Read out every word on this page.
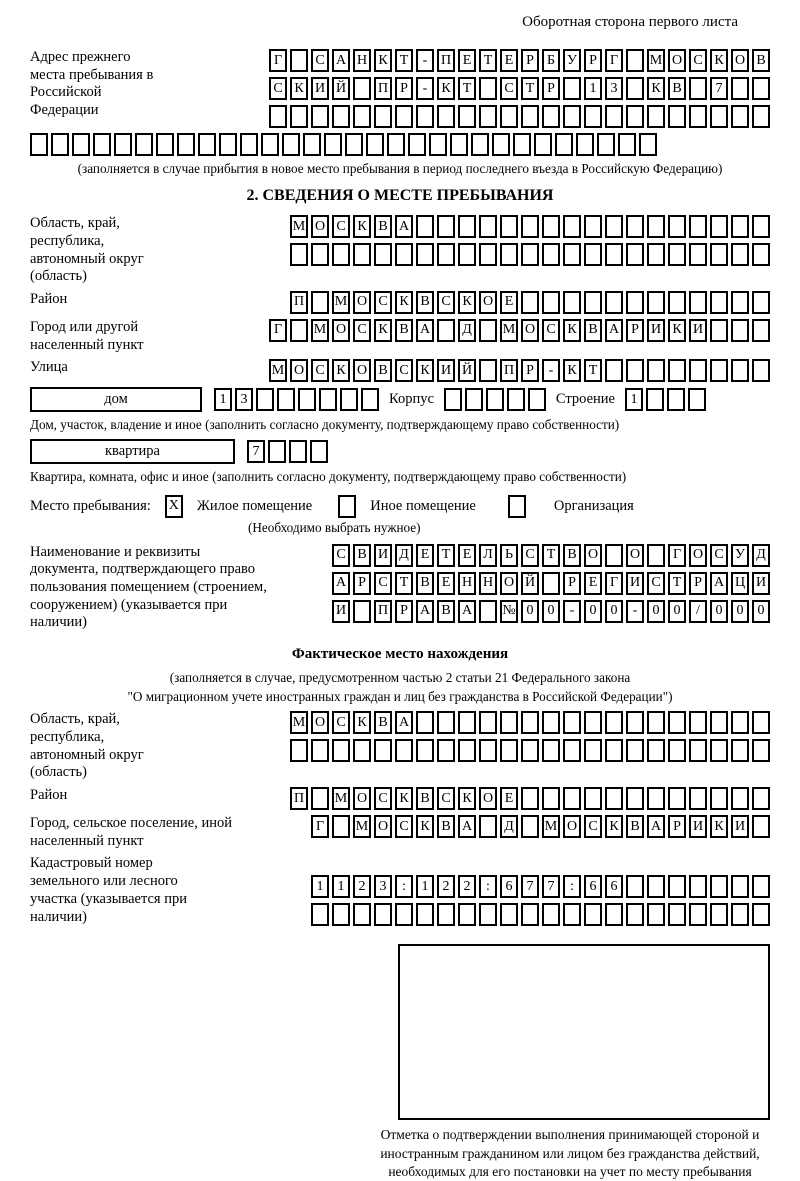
Оборотная сторона первого листа
Адрес прежнего места пребывания в Российской Федерации
Г	С А Н К Т	- П Е Т Е Р Б У Р Г	М О С К О В
С К И Й П Р	-	К Т	С Т Р	1	3	К В	7
(заполняется в случае прибытия в новое место пребывания в период последнего въезда в Российскую Федерацию)
2. СВЕДЕНИЯ О МЕСТЕ ПРЕБЫВАНИЯ
Область, край, республика, автономный округ (область)
М О С К В А
Район	П М О С К В С К О Е
Город или другой населенный пункт
Г	М О С К В А	Д	М О С К В А Р И К И
Улица	М О С К О В С К И Й П Р	-	К Т
дом	1	3	Корпус	Строение	1
Дом, участок, владение и иное (заполнить согласно документу, подтверждающему право собственности)
квартира	7
Квартира, комната, офис и иное (заполнить согласно документу, подтверждающему право собственности)
Место пребывания: X Жилое помещение	Иное помещение	Организация
(Необходимо выбрать нужное)
Наименование и реквизиты документа, подтверждающего право пользования помещением (строением, сооружением) (указывается при наличии)
С В И Д Е Т Е Л Ь С Т В О О	Г О С У Д
А Р С Т В Е Н Н О Й	Р Е Г И С Т Р А Ц И
И П Р А В А № 0	0	-	0	0	-	0	0	/	0	0	0
Фактическое место нахождения
(заполняется в случае, предусмотренном частью 2 статьи 21 Федерального закона
"О миграционном учете иностранных граждан и лиц без гражданства в Российской Федерации")
Область, край, республика, автономный округ (область)
М О С К В А
Район	П М О С К В С К О Е
Город, сельское поселение, иной населенный пункт
Г	М О С К В А	Д	М О С К В А Р И К И
Кадастровый номер земельного или лесного участка (указывается при наличии)
1	1	2	3	:	1	2	2	:	6	7	7	:	6	6
Отметка о подтверждении выполнения принимающей стороной и иностранным гражданином или лицом без гражданства действий, необходимых для его постановки на учет по месту пребывания
